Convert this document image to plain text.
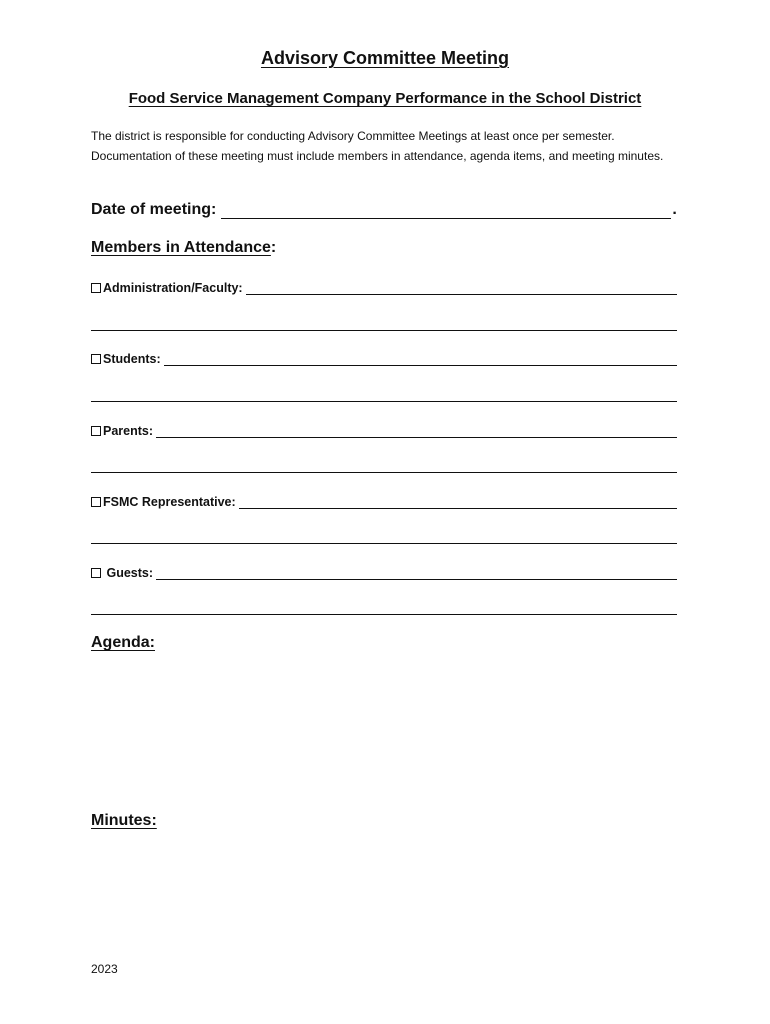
Advisory Committee Meeting
Food Service Management Company Performance in the School District
The district is responsible for conducting Advisory Committee Meetings at least once per semester. Documentation of these meeting must include members in attendance, agenda items, and meeting minutes.
Date of meeting:	.
Members in Attendance:
Administration/Faculty:
Students:
Parents:
FSMC Representative:
Guests:
Agenda:
Minutes:
2023
